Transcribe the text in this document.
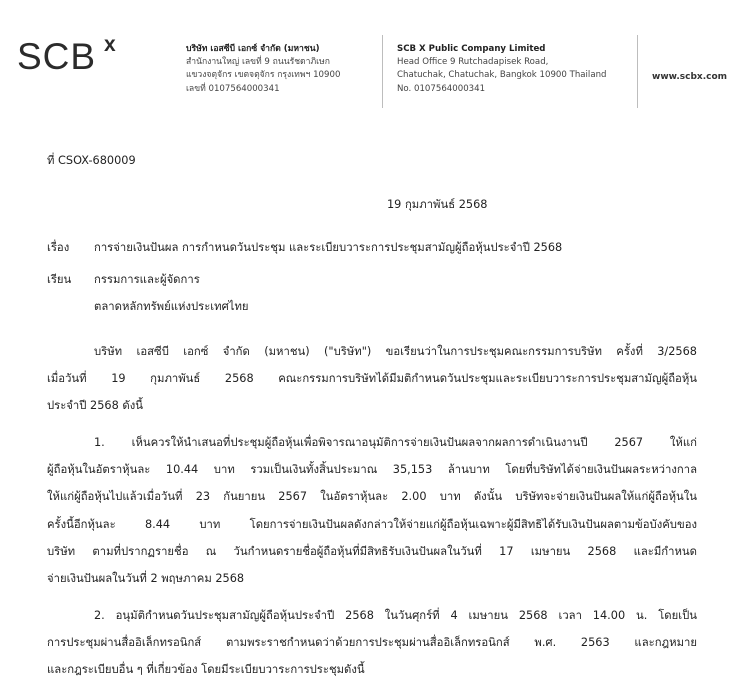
SCB x	บริษัท เอสซีบี เอกซ์ จำกัด (มหาชน)
สำนักงานใหญ่ เลขที่ 9 ถนนรัชดาภิเษก
แขวงจตุจักร เขตจตุจักร กรุงเทพฯ 10900
เลขที่ 0107564000341
SCB X Public Company Limited
Head Office 9 Rutchadapisek Road,
Chatuchak, Chatuchak, Bangkok 10900 Thailand
No. 0107564000341
www.scbx.com
ที่ CSOX-680009
19 กุมภาพันธ์ 2568
เรื่อง การจ่ายเงินปันผล การกำหนดวันประชุม และระเบียบวาระการประชุมสามัญผู้ถือหุ้นประจำปี 2568
เรียน กรรมการและผู้จัดการ
ตลาดหลักทรัพย์แห่งประเทศไทย
บริษัท เอสซีบี เอกซ์ จำกัด (มหาชน) ("บริษัท") ขอเรียนว่าในการประชุมคณะกรรมการบริษัท ครั้งที่ 3/2568
เมื่อวันที่ 19 กุมภาพันธ์ 2568 คณะกรรมการบริษัทได้มีมติกำหนดวันประชุมและระเบียบวาระการประชุมสามัญผู้ถือหุ้น
ประจำปี 2568 ดังนี้
1. เห็นควรให้นำเสนอที่ประชุมผู้ถือหุ้นเพื่อพิจารณาอนุมัติการจ่ายเงินปันผลจากผลการดำเนินงานปี 2567 ให้แก่
ผู้ถือหุ้นในอัตราหุ้นละ 10.44 บาท รวมเป็นเงินทั้งสิ้นประมาณ 35,153 ล้านบาท โดยที่บริษัทได้จ่ายเงินปันผลระหว่างกาล
ให้แก่ผู้ถือหุ้นไปแล้วเมื่อวันที่ 23 กันยายน 2567 ในอัตราหุ้นละ 2.00 บาท ดังนั้น บริษัทจะจ่ายเงินปันผลให้แก่ผู้ถือหุ้นใน
ครั้งนี้อีกหุ้นละ 8.44 บาท โดยการจ่ายเงินปันผลดังกล่าวให้จ่ายแก่ผู้ถือหุ้นเฉพาะผู้มีสิทธิได้รับเงินปันผลตามข้อบังคับของ
บริษัท ตามที่ปรากฏรายชื่อ ณ วันกำหนดรายชื่อผู้ถือหุ้นที่มีสิทธิรับเงินปันผลในวันที่ 17 เมษายน 2568 และมีกำหนด
จ่ายเงินปันผลในวันที่ 2 พฤษภาคม 2568
2. อนุมัติกำหนดวันประชุมสามัญผู้ถือหุ้นประจำปี 2568 ในวันศุกร์ที่ 4 เมษายน 2568 เวลา 14.00 น. โดยเป็น
การประชุมผ่านสื่ออิเล็กทรอนิกส์ ตามพระราชกำหนดว่าด้วยการประชุมผ่านสื่ออิเล็กทรอนิกส์ พ.ศ. 2563 และกฎหมาย
และกฎระเบียบอื่น ๆ ที่เกี่ยวข้อง โดยมีระเบียบวาระการประชุมดังนี้
